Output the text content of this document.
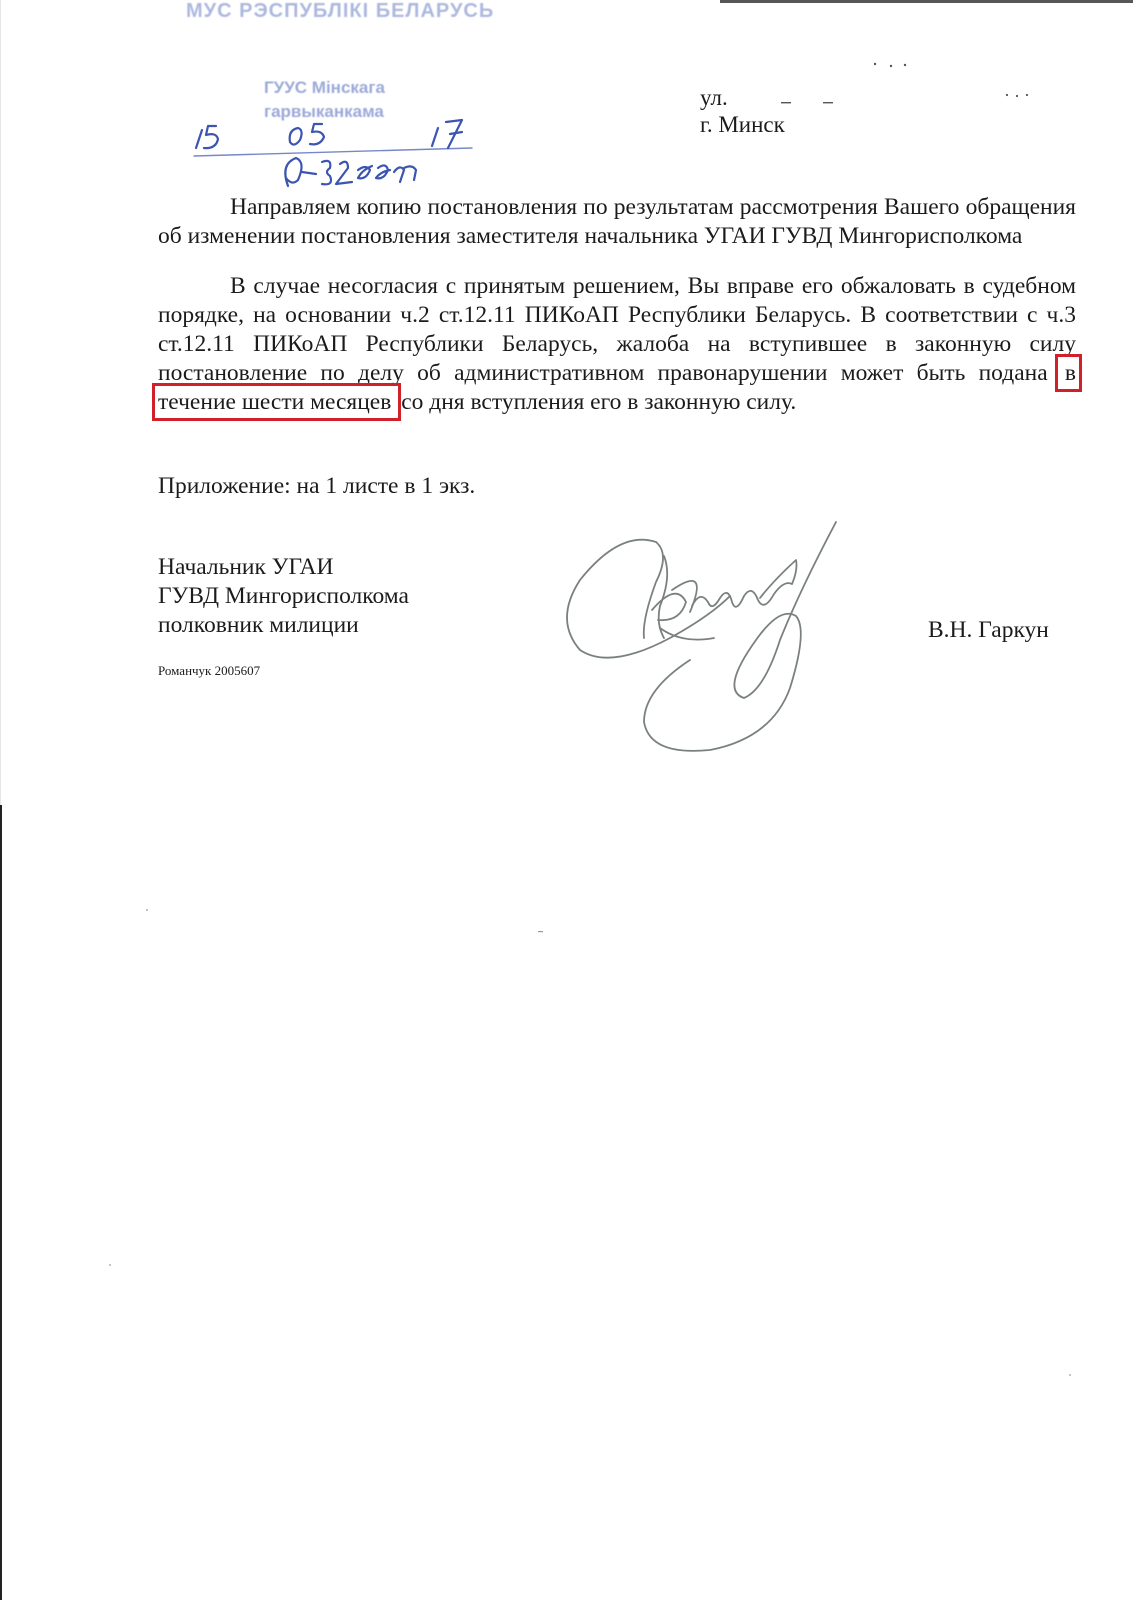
МУС РЭСПУБЛІКІ БЕЛАРУСЬ
ГУУС Мінскага
гарвыканкама
ул.
г. Минск

Направляем копию постановления по результатам рассмотрения Вашего обращения об изменении постановления заместителя начальника УГАИ ГУВД Мингорисполкома

В случае несогласия с принятым решением, Вы вправе его обжаловать в судебном порядке, на основании ч.2 ст.12.11 ПИКоАП Республики Беларусь. В соответствии с ч.3 ст.12.11 ПИКоАП Республики Беларусь, жалоба на вступившее в законную силу постановление по делу об административном правонарушении может быть подана в течение шести месяцев со дня вступления его в законную силу.

Приложение: на 1 листе в 1 экз.

Начальник УГАИ
ГУВД Мингорисполкома
полковник милиции
Романчук 2005607
В.Н. Гаркун
